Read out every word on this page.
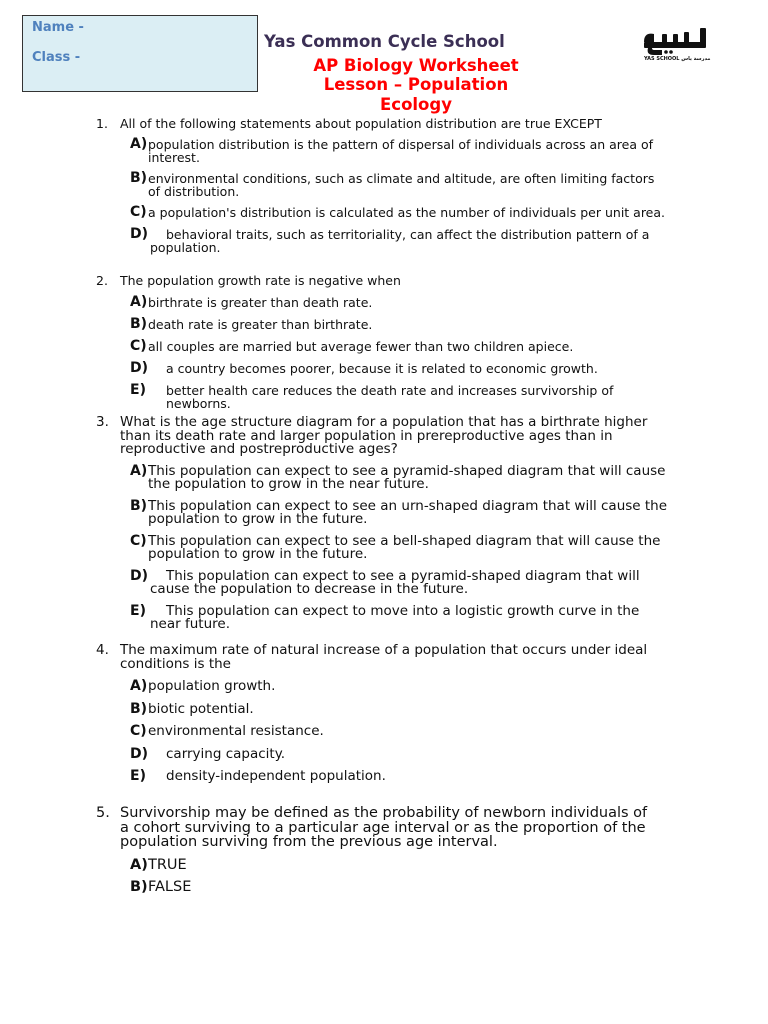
Name -
Class -
Yas Common Cycle School
AP Biology Worksheet
Lesson – Population
Ecology
YAS SCHOOL مدرسة ياس
1. All of the following statements about population distribution are true EXCEPT
A) population distribution is the pattern of dispersal of individuals across an area of
interest.
B) environmental conditions, such as climate and altitude, are often limiting factors
of distribution.
C) a population's distribution is calculated as the number of individuals per unit area.
D)	behavioral traits, such as territoriality, can affect the distribution pattern of a
population.
2. The population growth rate is negative when
A) birthrate is greater than death rate.
B) death rate is greater than birthrate.
C) all couples are married but average fewer than two children apiece.
D) a country becomes poorer, because it is related to economic growth.
E) better health care reduces the death rate and increases survivorship of newborns.
3. What is the age structure diagram for a population that has a birthrate higher
than its death rate and larger population in prereproductive ages than in
reproductive and postreproductive ages?
A) This population can expect to see a pyramid-shaped diagram that will cause
the population to grow in the near future.
B) This population can expect to see an urn-shaped diagram that will cause the
population to grow in the future.
C) This population can expect to see a bell-shaped diagram that will cause the
population to grow in the future.
D)	This population can expect to see a pyramid-shaped diagram that will
cause the population to decrease in the future.
E)	This population can expect to move into a logistic growth curve in the
near future.
4. The maximum rate of natural increase of a population that occurs under ideal
conditions is the
A) population growth.
B) biotic potential.
C) environmental resistance.
D) carrying capacity.
E) density-independent population.
5. Survivorship may be defined as the probability of newborn individuals of
a cohort surviving to a particular age interval or as the proportion of the
population surviving from the previous age interval.
A) TRUE
B) FALSE
